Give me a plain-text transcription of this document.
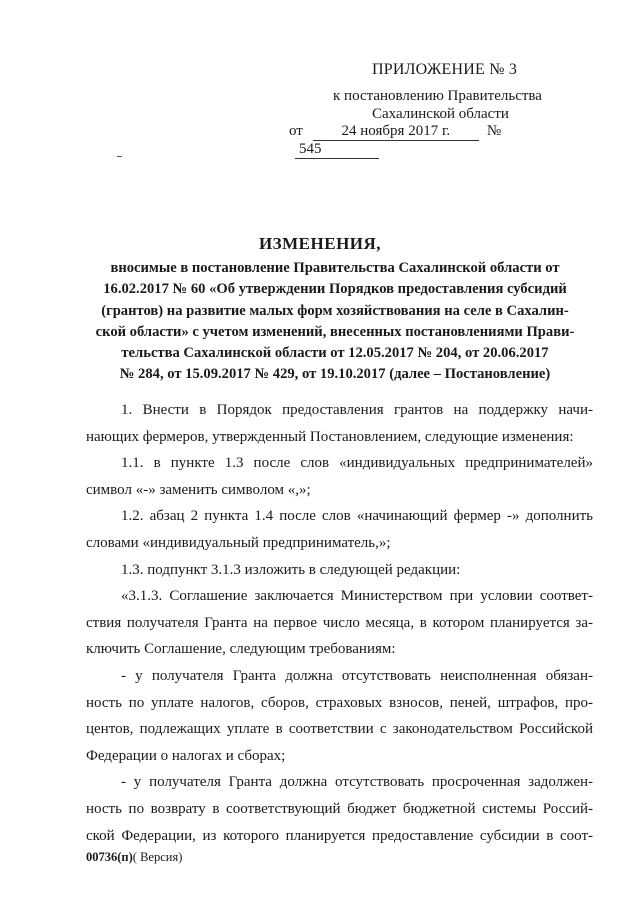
ПРИЛОЖЕНИЕ № 3
к постановлению Правительства
Сахалинской области
от	24 ноября 2017 г. №545
ИЗМЕНЕНИЯ,
вносимые в постановление Правительства Сахалинской области от
16.02.2017 № 60 «Об утверждении Порядков предоставления субсидий
(грантов) на развитие малых форм хозяйствования на селе в Сахалин-
ской области» с учетом изменений, внесенных постановлениями Прави-
тельства Сахалинской области от 12.05.2017 № 204, от 20.06.2017
№ 284, от 15.09.2017 № 429, от 19.10.2017 (далее – Постановление)
1. Внести в Порядок предоставления грантов на поддержку начи-
нающих фермеров, утвержденный Постановлением, следующие изменения:
1.1. в пункте 1.3 после слов «индивидуальных предпринимателей»
символ «-» заменить символом «,»;
1.2. абзац 2 пункта 1.4 после слов «начинающий фермер -» дополнить
словами «индивидуальный предприниматель,»;
1.3. подпункт 3.1.3 изложить в следующей редакции:
«3.1.3. Соглашение заключается Министерством при условии соответ-
ствия получателя Гранта на первое число месяца, в котором планируется за-
ключить Соглашение, следующим требованиям:
- у получателя Гранта должна отсутствовать неисполненная обязан-
ность по уплате налогов, сборов, страховых взносов, пеней, штрафов, про-
центов, подлежащих уплате в соответствии с законодательством Российской
Федерации о налогах и сборах;
- у получателя Гранта должна отсутствовать просроченная задолжен-
ность по возврату в соответствующий бюджет бюджетной системы Россий-
ской Федерации, из которого планируется предоставление субсидии в соот-
00736(п)( Версия)
